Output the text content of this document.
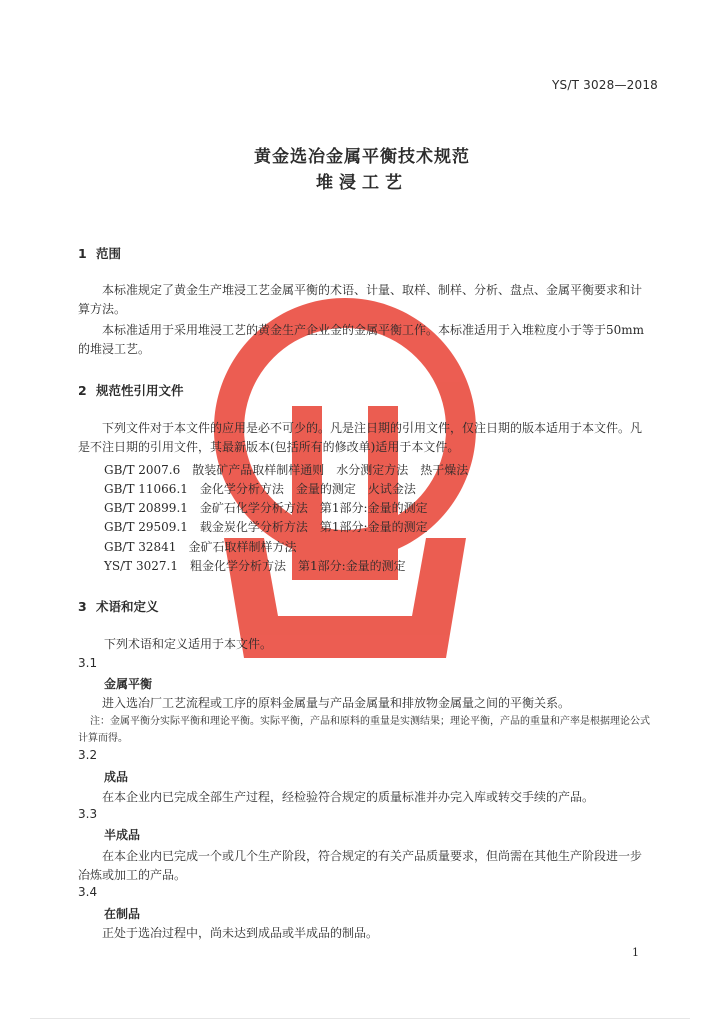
YS/T 3028—2018
黄金选冶金属平衡技术规范
堆浸工艺
1 范围
本标准规定了黄金生产堆浸工艺金属平衡的术语、计量、取样、制样、分析、盘点、金属平衡要求和计算方法。
本标准适用于采用堆浸工艺的黄金生产企业金的金属平衡工作。本标准适用于入堆粒度小于等于50mm的堆浸工艺。
2 规范性引用文件
下列文件对于本文件的应用是必不可少的。凡是注日期的引用文件，仅注日期的版本适用于本文件。凡是不注日期的引用文件，其最新版本(包括所有的修改单)适用于本文件。
GB/T 2007.6　散装矿产品取样制样通则　水分测定方法　热干燥法
GB/T 11066.1　金化学分析方法　金量的测定　火试金法
GB/T 20899.1　金矿石化学分析方法　第1部分:金量的测定
GB/T 29509.1　载金炭化学分析方法　第1部分:金量的测定
GB/T 32841　金矿石取样制样方法
YS/T 3027.1　粗金化学分析方法　第1部分:金量的测定
3 术语和定义
下列术语和定义适用于本文件。
3.1
金属平衡
进入选冶厂工艺流程或工序的原料金属量与产品金属量和排放物金属量之间的平衡关系。
注：金属平衡分实际平衡和理论平衡。实际平衡，产品和原料的重量是实测结果；理论平衡，产品的重量和产率是根据理论公式计算而得。
3.2
成品
在本企业内已完成全部生产过程，经检验符合规定的质量标准并办完入库或转交手续的产品。
3.3
半成品
在本企业内已完成一个或几个生产阶段，符合规定的有关产品质量要求，但尚需在其他生产阶段进一步冶炼或加工的产品。
3.4
在制品
正处于选冶过程中，尚未达到成品或半成品的制品。
1
